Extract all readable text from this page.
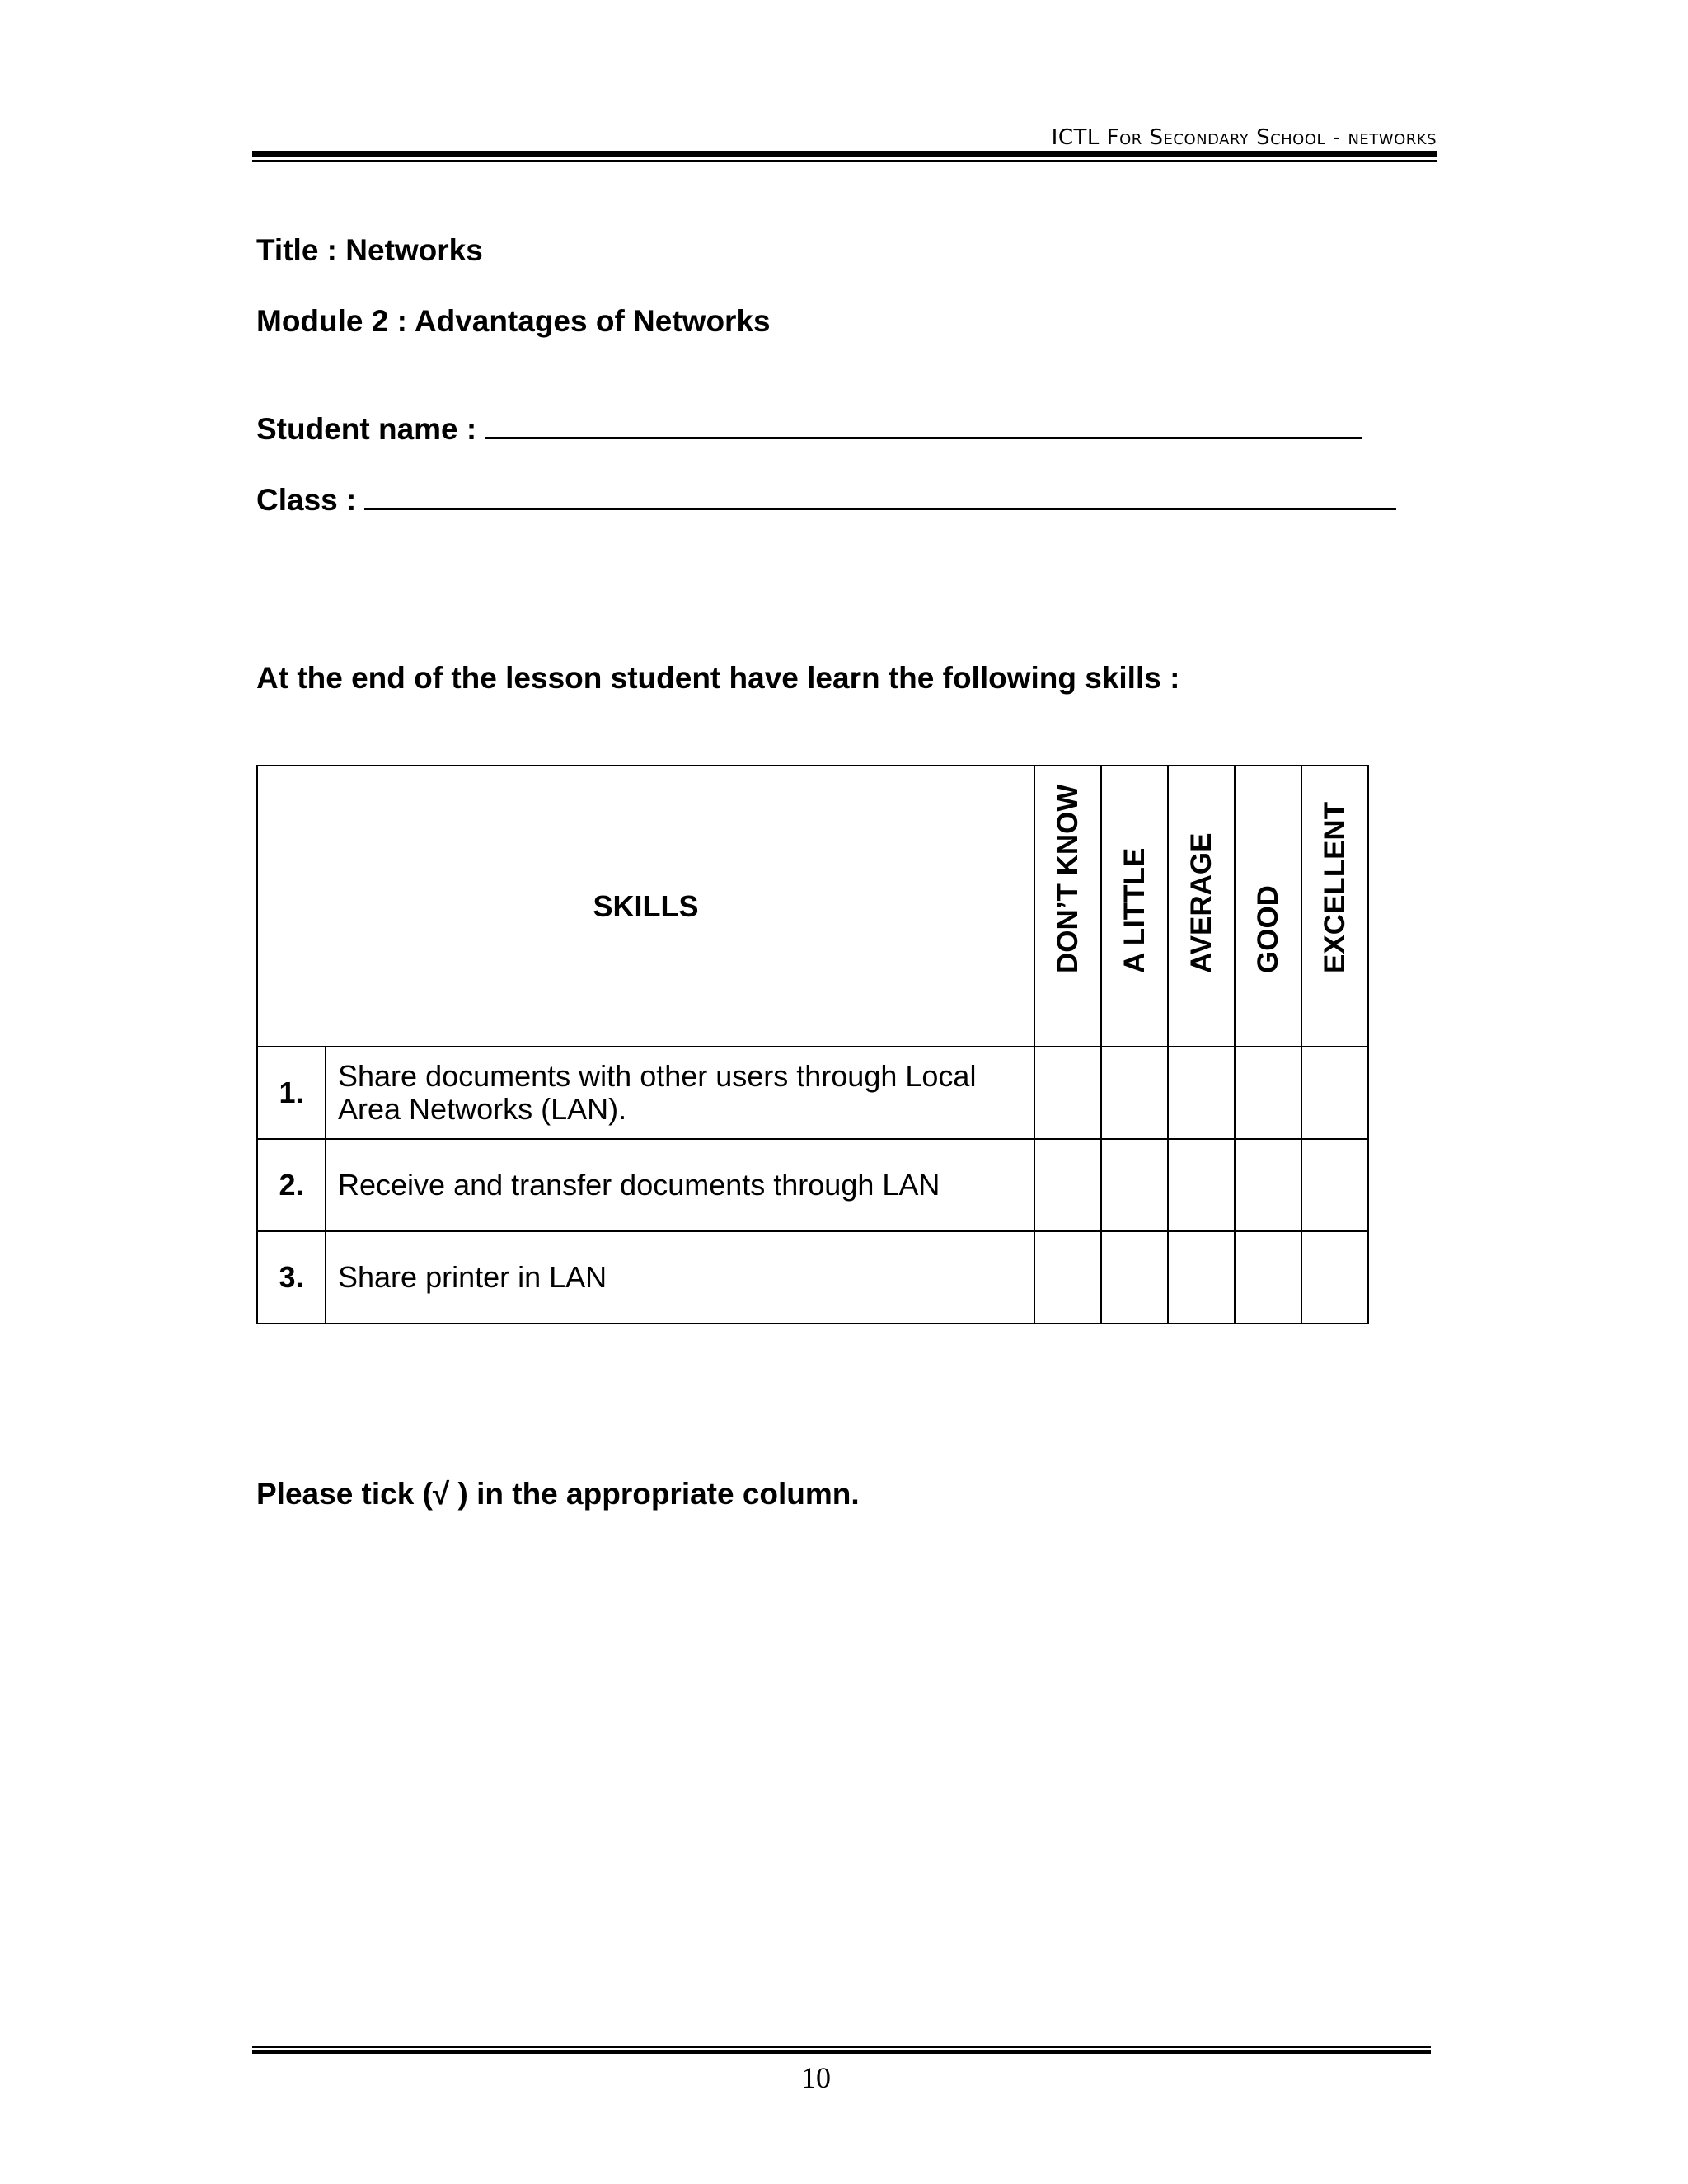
ICTL For Secondary School - networks
Title : Networks
Module 2 : Advantages of Networks
Student name :
Class :
At the end of the lesson student have learn the following skills :
SKILLS		DON’T KNOW	A LITTLE	AVERAGE	GOOD	EXCELLENT

1.	Share documents with other users through Local Area Networks (LAN).					
2.	Receive and transfer documents through LAN					
3.	Share printer in LAN					
Please tick (√ ) in the appropriate column.
10
